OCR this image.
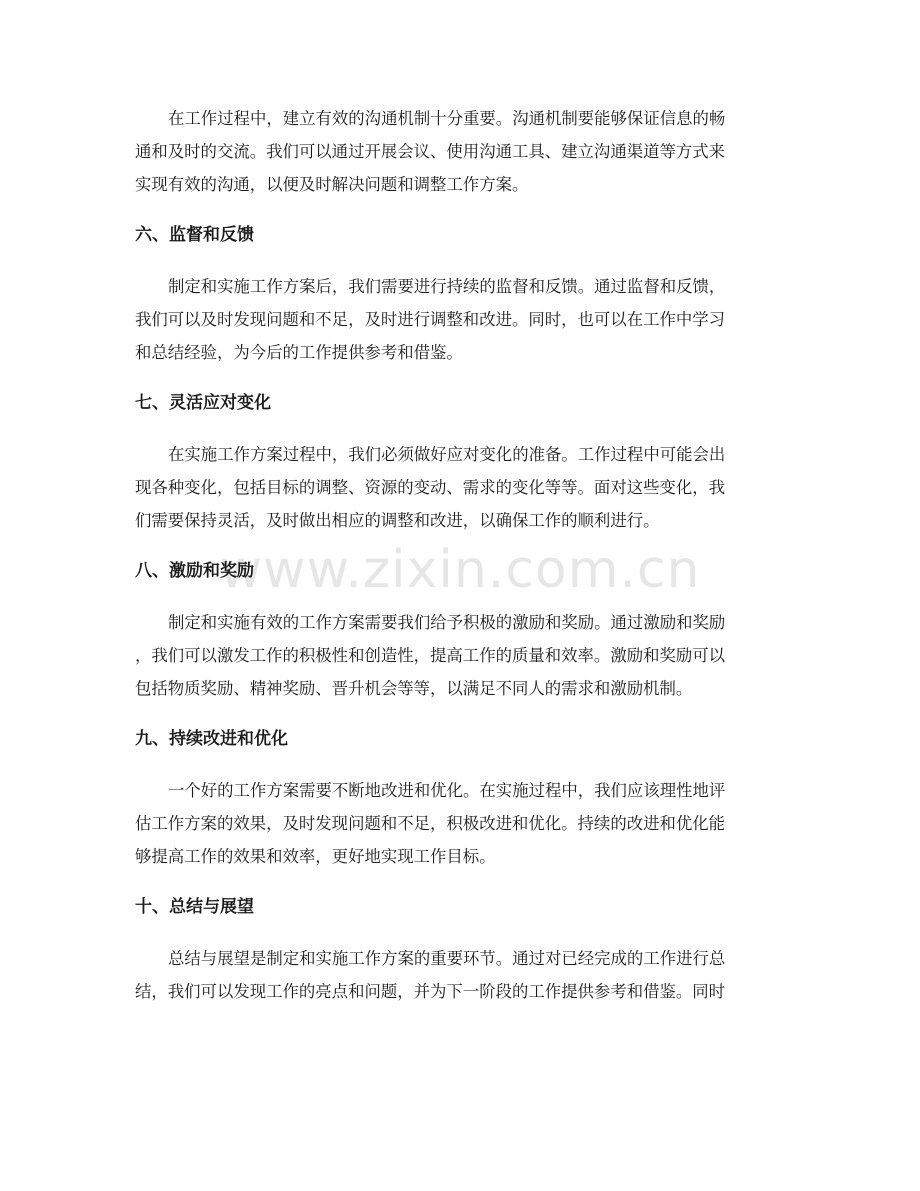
www.zixin.com.cn

在工作过程中，建立有效的沟通机制十分重要。沟通机制要能够保证信息的畅
通和及时的交流。我们可以通过开展会议、使用沟通工具、建立沟通渠道等方式来
实现有效的沟通，以便及时解决问题和调整工作方案。

六、监督和反馈

制定和实施工作方案后，我们需要进行持续的监督和反馈。通过监督和反馈，
我们可以及时发现问题和不足，及时进行调整和改进。同时，也可以在工作中学习
和总结经验，为今后的工作提供参考和借鉴。

七、灵活应对变化

在实施工作方案过程中，我们必须做好应对变化的准备。工作过程中可能会出
现各种变化，包括目标的调整、资源的变动、需求的变化等等。面对这些变化，我
们需要保持灵活，及时做出相应的调整和改进，以确保工作的顺利进行。

八、激励和奖励

制定和实施有效的工作方案需要我们给予积极的激励和奖励。通过激励和奖励
，我们可以激发工作的积极性和创造性，提高工作的质量和效率。激励和奖励可以
包括物质奖励、精神奖励、晋升机会等等，以满足不同人的需求和激励机制。

九、持续改进和优化

一个好的工作方案需要不断地改进和优化。在实施过程中，我们应该理性地评
估工作方案的效果，及时发现问题和不足，积极改进和优化。持续的改进和优化能
够提高工作的效果和效率，更好地实现工作目标。

十、总结与展望

总结与展望是制定和实施工作方案的重要环节。通过对已经完成的工作进行总
结，我们可以发现工作的亮点和问题，并为下一阶段的工作提供参考和借鉴。同时
